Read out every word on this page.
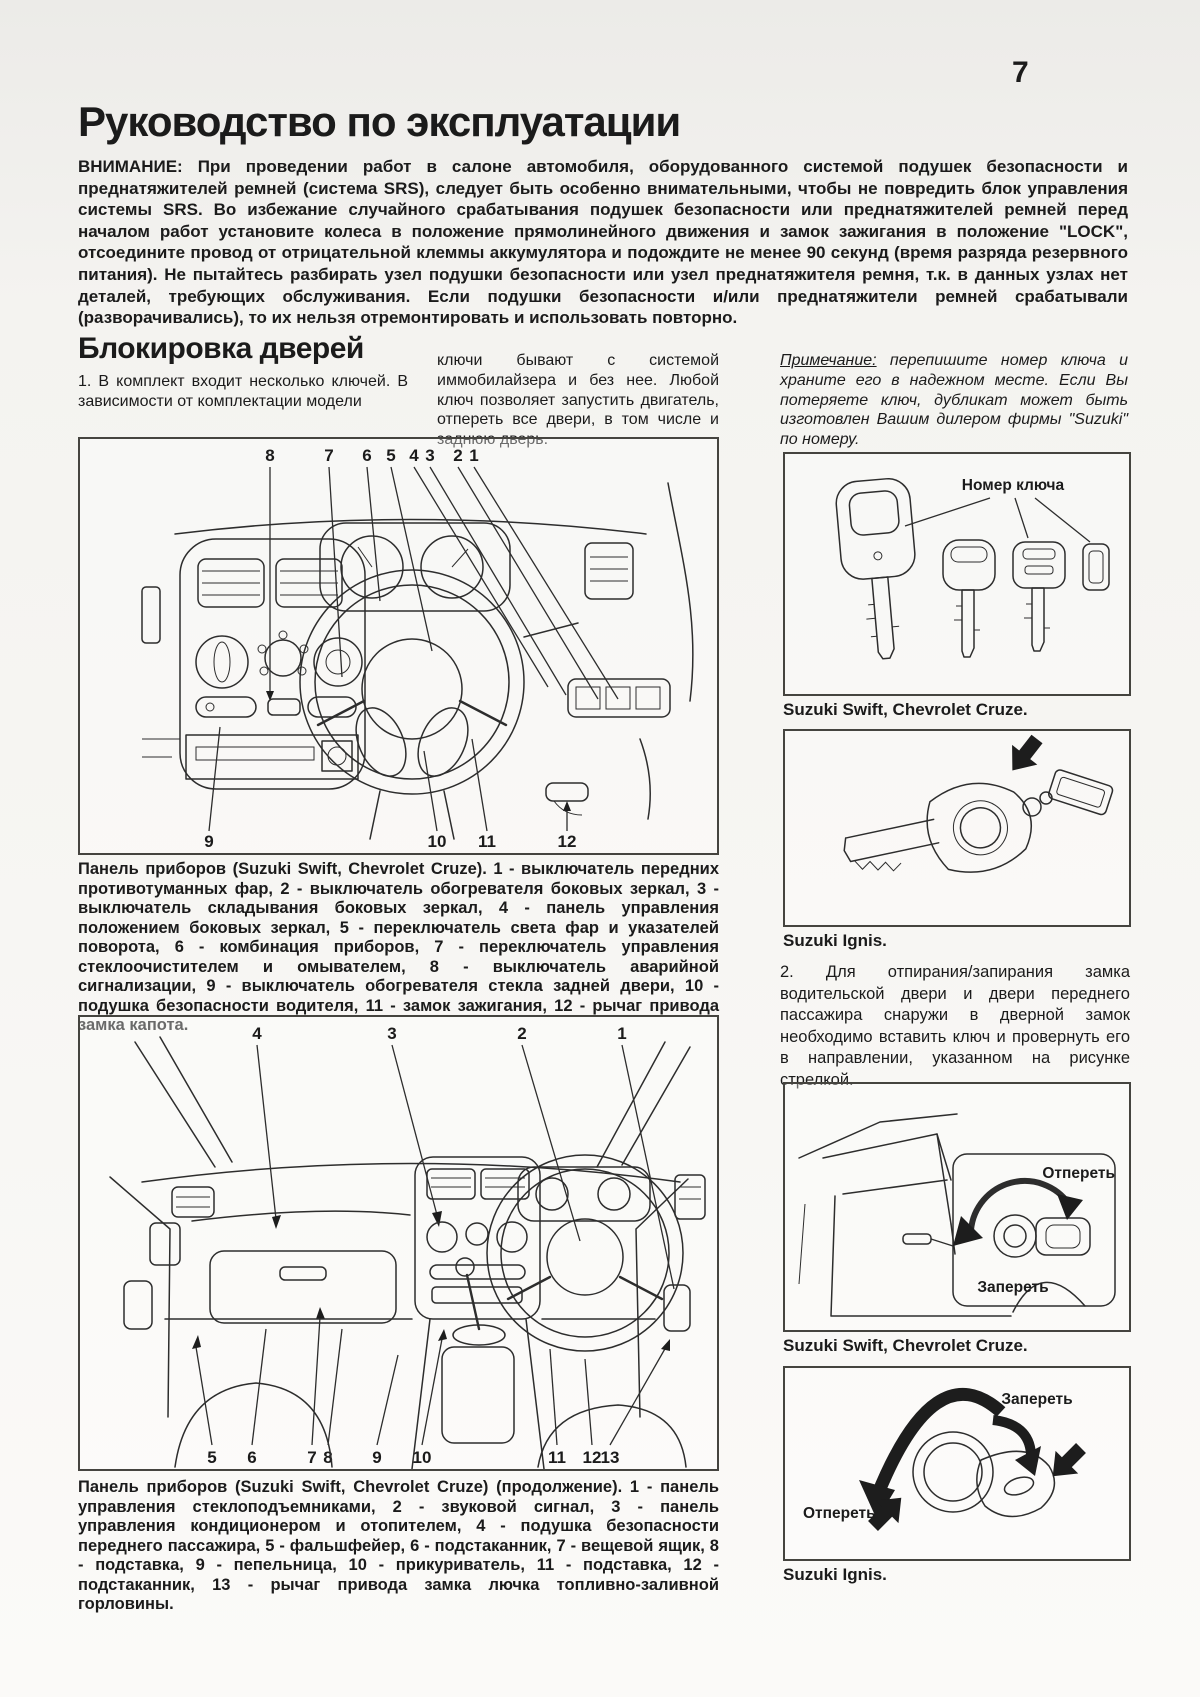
7
Руководство по эксплуатации
ВНИМАНИЕ: При проведении работ в салоне автомобиля, оборудованного системой подушек безопасности и преднатяжителей ремней (система SRS), следует быть особенно внимательными, чтобы не повредить блок управления системы SRS. Во избежание случайного срабатывания подушек безопасности или преднатяжителей ремней перед началом работ установите колеса в положение прямолинейного движения и замок зажигания в положение "LOCK", отсоедините провод от отрицательной клеммы аккумулятора и подождите не менее 90 секунд (время разряда резервного питания). Не пытайтесь разбирать узел подушки безопасности или узел преднатяжителя ремня, т.к. в данных узлах нет деталей, требующих обслуживания. Если подушки безопасности и/или преднатяжители ремней срабатывали (разворачивались), то их нельзя отремонтировать и использовать повторно.
Блокировка дверей
1. В комплект входит несколько ключей. В зависимости от комплектации модели
ключи бывают с системой иммобилайзера и без нее. Любой ключ позволяет запустить двигатель, отпереть все двери, в том числе и заднюю дверь.
Примечание: перепишите номер ключа и храните его в надежном месте. Если Вы потеряете ключ, дубликат может быть изготовлен Вашим дилером фирмы "Suzuki" по номеру.
8	7 6 5 4 3 2 1
9	10 11	12
Панель приборов (Suzuki Swift, Chevrolet Cruze). 1 - выключатель передних противотуманных фар, 2 - выключатель обогревателя боковых зеркал, 3 - выключатель складывания боковых зеркал, 4 - панель управления положением боковых зеркал, 5 - переключатель света фар и указателей поворота, 6 - комбинация приборов, 7 - переключатель управления стеклоочистителем и омывателем, 8 - выключатель аварийной сигнализации, 9 - выключатель обогревателя стекла задней двери, 10 - подушка безопасности водителя, 11 - замок зажигания, 12 - рычаг привода замка капота.	4	3	2	1
5 6	7 8 9 10	11 12 13
Панель приборов (Suzuki Swift, Chevrolet Cruze) (продолжение). 1 - панель управления стеклоподъемниками, 2 - звуковой сигнал, 3 - панель управления кондиционером и отопителем, 4 - подушка безопасности переднего пассажира, 5 - фальшфейер, 6 - подстаканник, 7 - вещевой ящик, 8 - подставка, 9 - пепельница, 10 - прикуриватель, 11 - подставка, 12 - подстаканник, 13 - рычаг привода замка лючка топливно-заливной горловины.
Номер ключа
Suzuki Swift, Chevrolet Cruze.
Suzuki Ignis.
2. Для отпирания/запирания замка водительской двери и двери переднего пассажира снаружи в дверной замок необходимо вставить ключ и провернуть его в направлении, указанном на рисунке стрелкой.
Отпереть
Запереть
Suzuki Swift, Chevrolet Cruze.
Запереть
Отпереть
Suzuki Ignis.
